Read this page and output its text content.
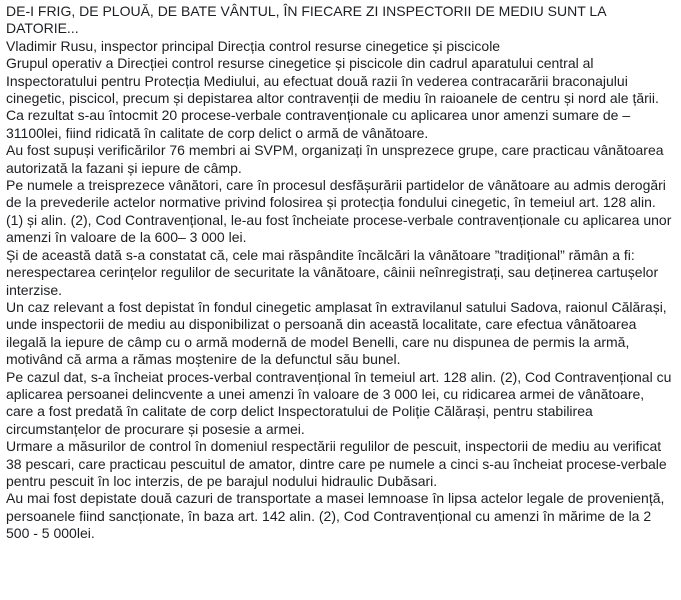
DE-I FRIG, DE PLOUĂ, DE BATE VÂNTUL, ÎN FIECARE ZI INSPECTORII DE MEDIU SUNT LA DATORIE...

Vladimir Rusu, inspector principal Direcția control resurse cinegetice și piscicole

Grupul operativ a Direcției control resurse cinegetice și piscicole din cadrul aparatului central al Inspectoratului pentru Protecția Mediului, au efectuat două razii în vederea contracarării braconajului cinegetic, piscicol, precum și depistarea altor contravenții de mediu în raioanele de centru și nord ale țării.

Ca rezultat s-au întocmit 20 procese-verbale contravenționale cu aplicarea unor amenzi sumare de – 31100lei, fiind ridicată în calitate de corp delict o armă de vânătoare.

Au fost supuși verificărilor 76 membri ai SVPM, organizați în unsprezece grupe, care practicau vânătoarea autorizată la fazani și iepure de câmp.

Pe numele a treisprezece vânători, care în procesul desfășurării partidelor de vânătoare au admis derogări de la prevederile actelor normative privind folosirea și protecția fondului cinegetic, în temeiul art. 128 alin. (1) și alin. (2), Cod Contravențional, le-au fost încheiate procese-verbale contravenționale cu aplicarea unor amenzi în valoare de la 600– 3 000 lei.

Și de această dată s-a constatat că, cele mai răspândite încălcări la vânătoare ”tradițional” rămân a fi: nerespectarea cerințelor regulilor de securitate la vânătoare, câinii neînregistrați, sau deținerea cartușelor interzise.

Un caz relevant a fost depistat în fondul cinegetic amplasat în extravilanul satului Sadova, raionul Călărași, unde inspectorii de mediu au disponibilizat o persoană din această localitate, care efectua vânătoarea ilegală la iepure de câmp cu o armă modernă de model Benelli, care nu dispunea de permis la armă, motivând că arma a rămas moștenire de la defunctul său bunel.

Pe cazul dat, s-a încheiat proces-verbal contravențional în temeiul art. 128 alin. (2), Cod Contravențional cu aplicarea persoanei delincvente a unei amenzi în valoare de 3 000 lei, cu ridicarea armei de vânătoare, care a fost predată în calitate de corp delict Inspectoratului de Poliție Călărași, pentru stabilirea circumstanțelor de procurare și posesie a armei.

Urmare a măsurilor de control în domeniul respectării regulilor de pescuit, inspectorii de mediu au verificat 38 pescari, care practicau pescuitul de amator, dintre care pe numele a cinci s-au încheiat procese-verbale pentru pescuit în loc interzis, de pe barajul nodului hidraulic Dubăsari.

Au mai fost depistate două cazuri de transportate a masei lemnoase în lipsa actelor legale de proveniență, persoanele fiind sancționate, în baza art. 142 alin. (2), Cod Contravențional cu amenzi în mărime de la 2 500 - 5 000lei.
